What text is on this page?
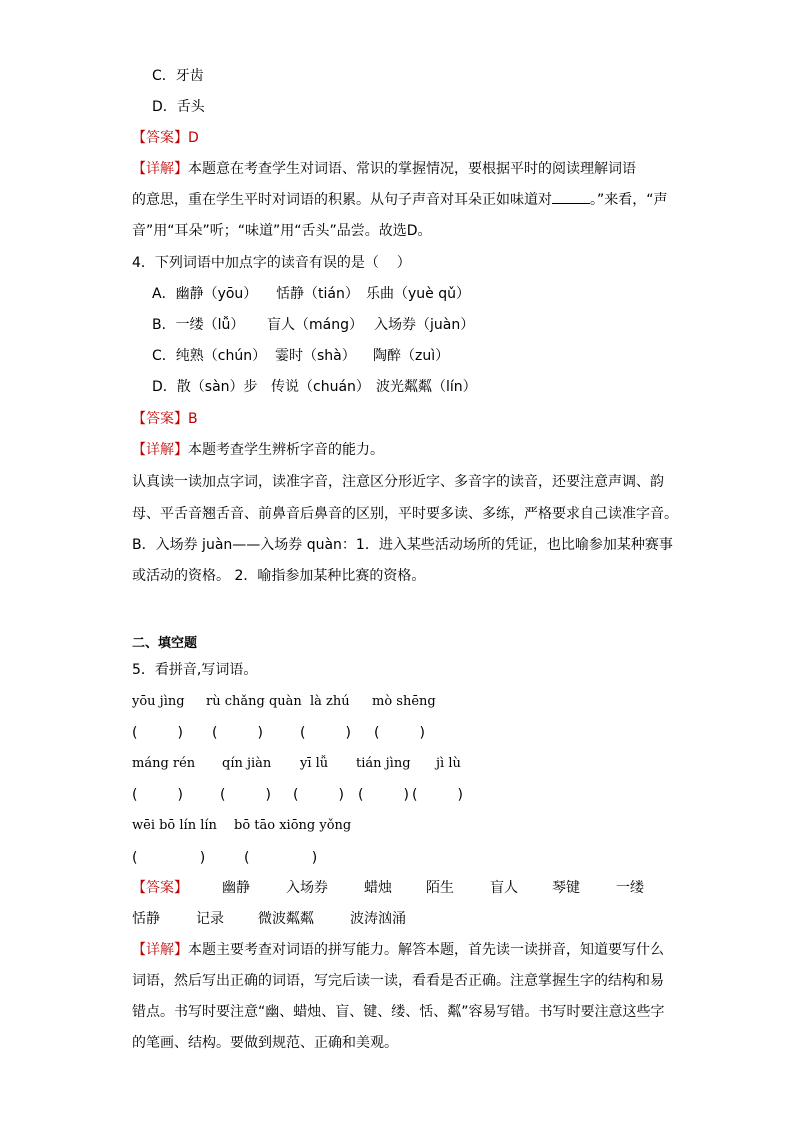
C．牙齿
D．舌头
【答案】D
【详解】本题意在考查学生对词语、常识的掌握情况，要根据平时的阅读理解词语
的意思，重在学生平时对词语的积累。从句子声音对耳朵正如味道对	。”来看，“声
音”用“耳朵”听；“味道”用“舌头”品尝。故选D。
4．下列词语中加点字的读音有误的是（    ）
A．幽静（yōu） 恬静（tián） 乐曲（yuè qǔ）
B．一缕（lǚ） 盲人（máng） 入场券（juàn）
C．纯熟（chún） 霎时（shà） 陶醉（zuì）
D．散（sàn）步 传说（chuán） 波光粼粼（lín）
【答案】B
【详解】本题考查学生辨析字音的能力。
认真读一读加点字词，读准字音，注意区分形近字、多音字的读音，还要注意声调、韵
母、平舌音翘舌音、前鼻音后鼻音的区别，平时要多读、多练，严格要求自己读准字音。
B．入场券 juàn——入场券 quàn：1．进入某些活动场所的凭证，也比喻参加某种赛事
或活动的资格。 2．喻指参加某种比赛的资格。
二、填空题
5．看拼音,写词语。
yōu jìng rù chǎng quàn là zhú mò shēng
(         ) (         )	(         ) (         )
máng rén qín jiàn yī lǚ tián jìng jì lù
(         )	(         ) (         ) (         ) (         )
wēi bō lín lín bō tāo xiōng yǒng
(              )	(              )
【答案】 幽静	入场券	蜡烛 陌生	盲人 琴键	一缕
恬静	记录 微波粼粼	波涛汹涌
【详解】本题主要考查对词语的拼写能力。解答本题，首先读一读拼音，知道要写什么
词语，然后写出正确的词语，写完后读一读，看看是否正确。注意掌握生字的结构和易
错点。书写时要注意“幽、蜡烛、盲、键、缕、恬、粼”容易写错。书写时要注意这些字
的笔画、结构。要做到规范、正确和美观。
